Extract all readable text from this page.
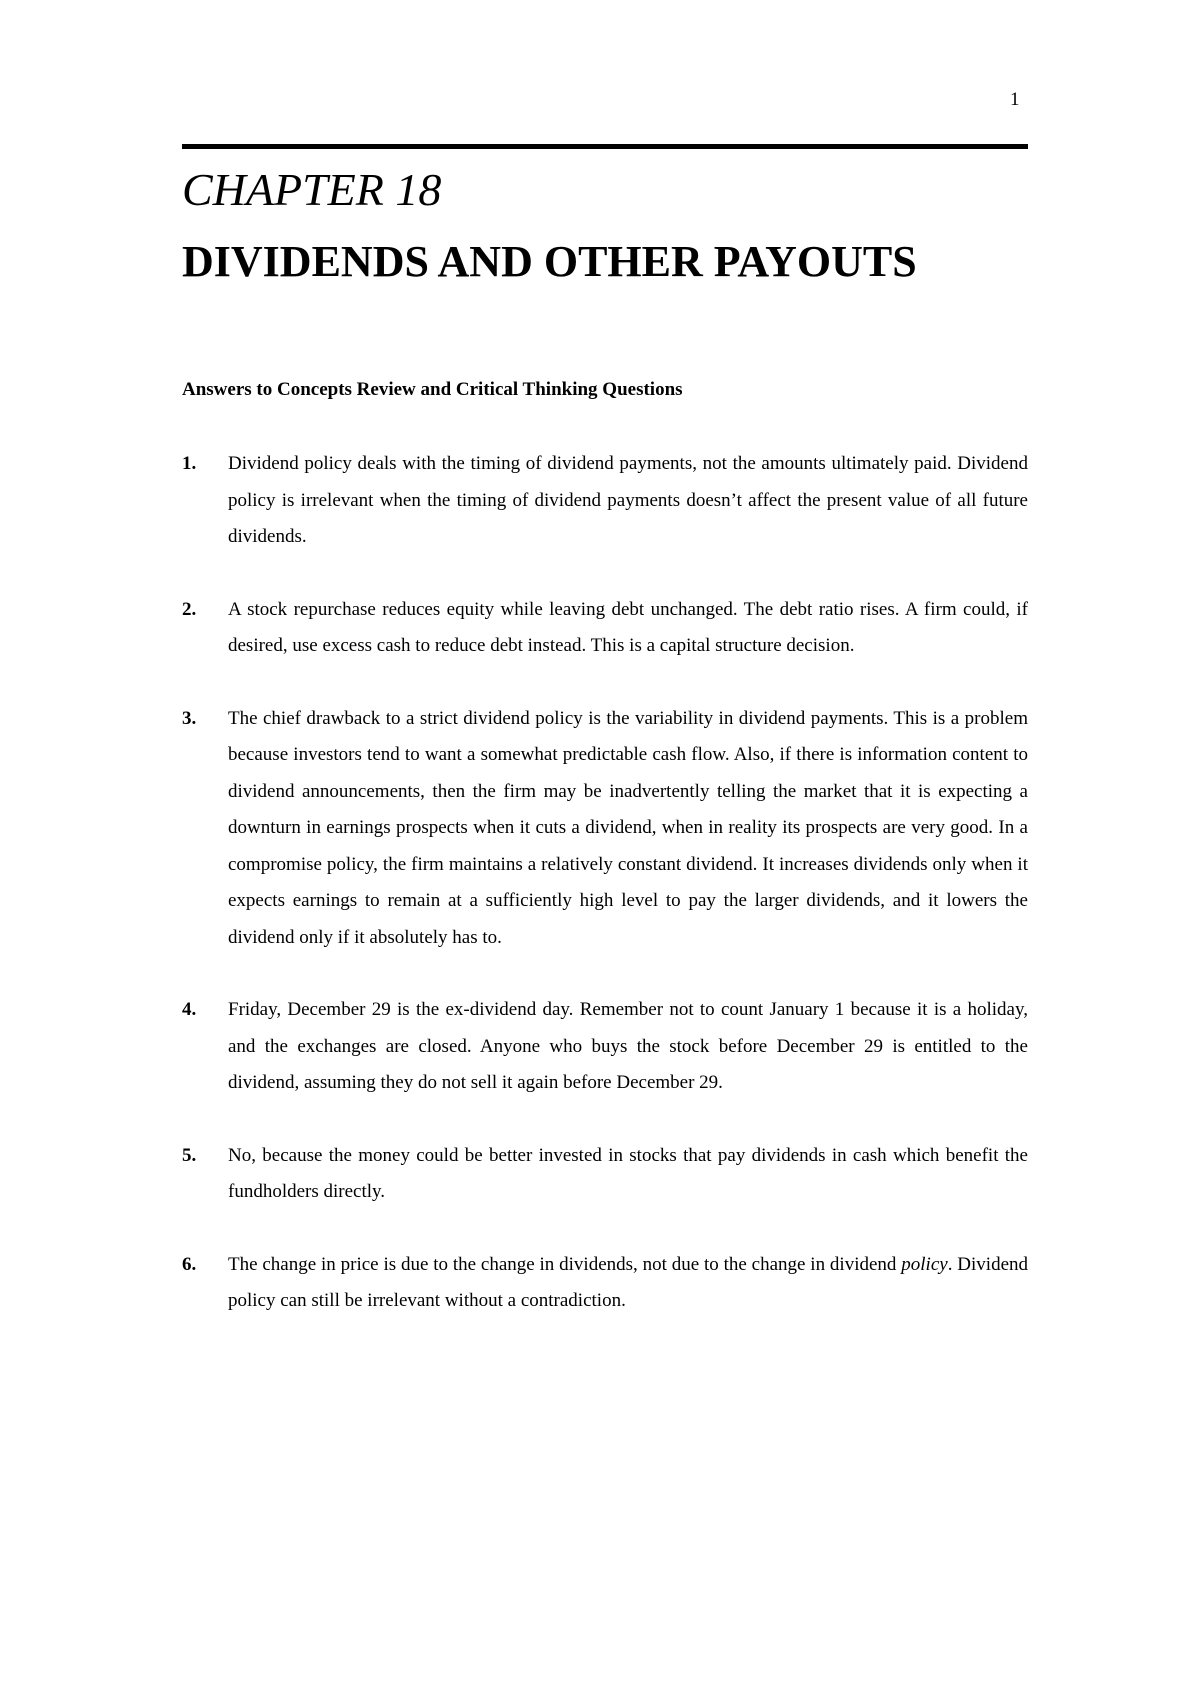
1
CHAPTER 18
DIVIDENDS AND OTHER PAYOUTS
Answers to Concepts Review and Critical Thinking Questions
1. Dividend policy deals with the timing of dividend payments, not the amounts ultimately paid. Dividend policy is irrelevant when the timing of dividend payments doesn’t affect the present value of all future dividends.
2. A stock repurchase reduces equity while leaving debt unchanged. The debt ratio rises. A firm could, if desired, use excess cash to reduce debt instead. This is a capital structure decision.
3. The chief drawback to a strict dividend policy is the variability in dividend payments. This is a problem because investors tend to want a somewhat predictable cash flow. Also, if there is information content to dividend announcements, then the firm may be inadvertently telling the market that it is expecting a downturn in earnings prospects when it cuts a dividend, when in reality its prospects are very good. In a compromise policy, the firm maintains a relatively constant dividend. It increases dividends only when it expects earnings to remain at a sufficiently high level to pay the larger dividends, and it lowers the dividend only if it absolutely has to.
4. Friday, December 29 is the ex-dividend day. Remember not to count January 1 because it is a holiday, and the exchanges are closed. Anyone who buys the stock before December 29 is entitled to the dividend, assuming they do not sell it again before December 29.
5. No, because the money could be better invested in stocks that pay dividends in cash which benefit the fundholders directly.
6. The change in price is due to the change in dividends, not due to the change in dividend policy. Dividend policy can still be irrelevant without a contradiction.
